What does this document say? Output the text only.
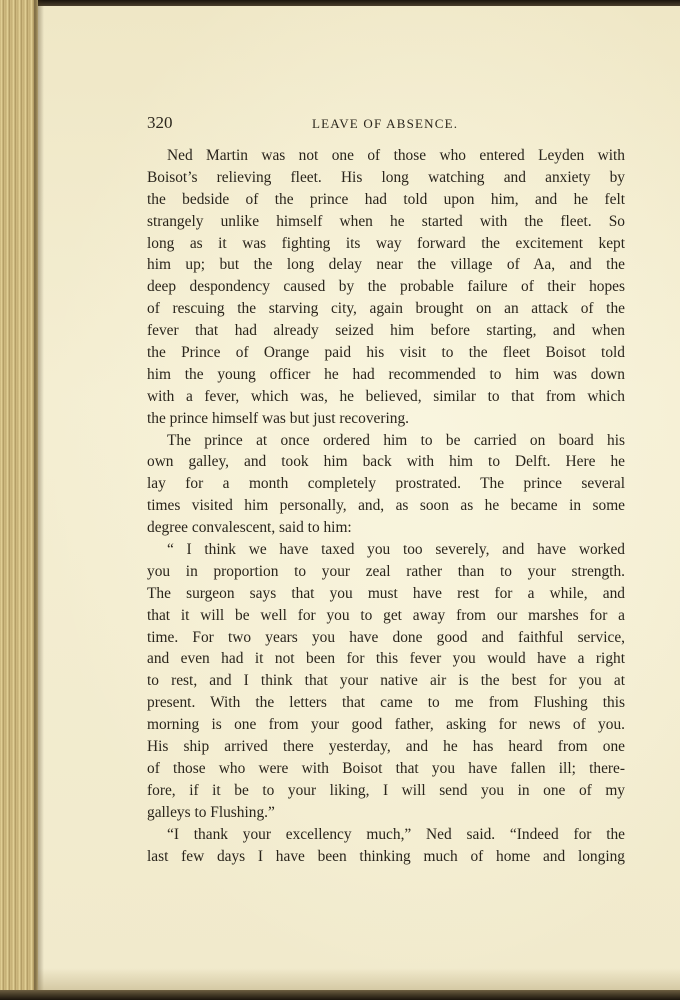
320	LEAVE OF ABSENCE.
Ned Martin was not one of those who entered Leyden with
Boisot’s relieving fleet. His long watching and anxiety by
the bedside of the prince had told upon him, and he felt
strangely unlike himself when he started with the fleet. So
long as it was fighting its way forward the excitement kept
him up; but the long delay near the village of Aa, and the
deep despondency caused by the probable failure of their hopes
of rescuing the starving city, again brought on an attack of the
fever that had already seized him before starting, and when
the Prince of Orange paid his visit to the fleet Boisot told
him the young officer he had recommended to him was down
with a fever, which was, he believed, similar to that from which
the prince himself was but just recovering.
The prince at once ordered him to be carried on board his
own galley, and took him back with him to Delft. Here he
lay for a month completely prostrated. The prince several
times visited him personally, and, as soon as he became in some
degree convalescent, said to him:
“ I think we have taxed you too severely, and have worked
you in proportion to your zeal rather than to your strength.
The surgeon says that you must have rest for a while, and
that it will be well for you to get away from our marshes for a
time. For two years you have done good and faithful service,
and even had it not been for this fever you would have a right
to rest, and I think that your native air is the best for you at
present. With the letters that came to me from Flushing this
morning is one from your good father, asking for news of you.
His ship arrived there yesterday, and he has heard from one
of those who were with Boisot that you have fallen ill; there-
fore, if it be to your liking, I will send you in one of my
galleys to Flushing.”
“I thank your excellency much,” Ned said. “Indeed for the
last few days I have been thinking much of home and longing
